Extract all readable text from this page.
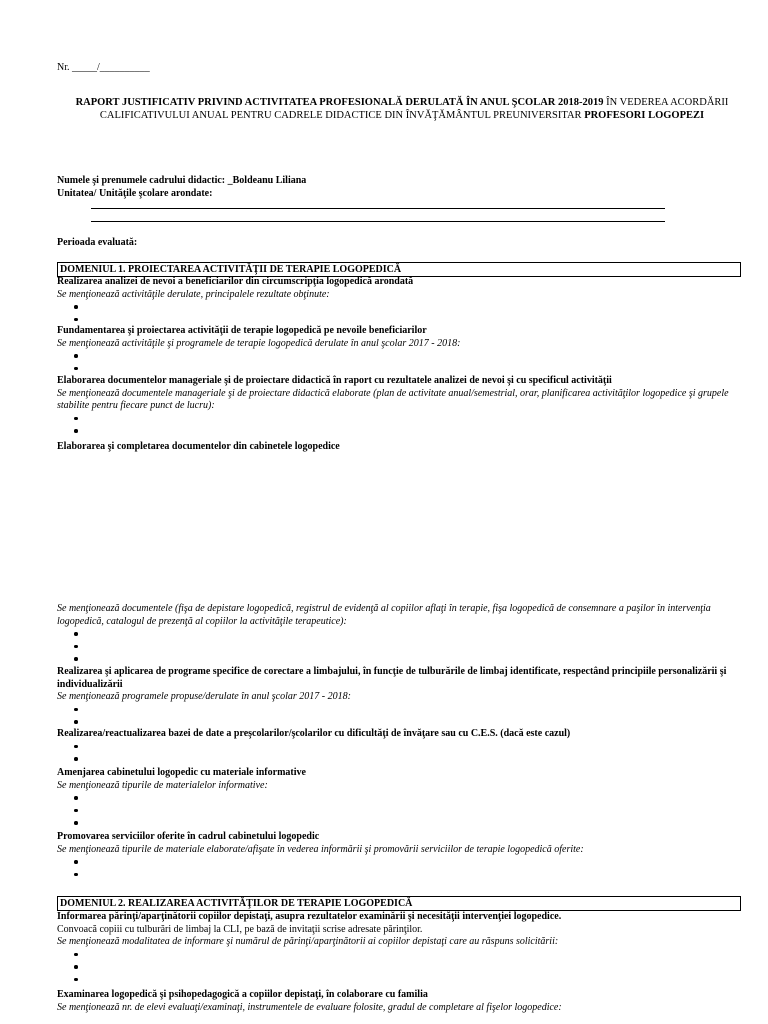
Nr. _____/__________
RAPORT JUSTIFICATIV PRIVIND ACTIVITATEA PROFESIONALĂ DERULATĂ ÎN ANUL ŞCOLAR 2018-2019 ÎN VEDEREA ACORDĂRII CALIFICATIVULUI ANUAL PENTRU CADRELE DIDACTICE DIN ÎNVĂŢĂMÂNTUL PREUNIVERSITAR PROFESORI LOGOPEZI
Numele şi prenumele cadrului didactic: _Boldeanu Liliana
Unitatea/ Unităţile şcolare arondate:
Perioada evaluată:
DOMENIUL 1. PROIECTAREA ACTIVITĂŢII DE TERAPIE LOGOPEDICĂ
Realizarea analizei de nevoi a beneficiarilor din circumscripţia logopedică arondată
Se menţionează activităţile derulate, principalele rezultate obţinute:
Fundamentarea şi proiectarea activităţii de terapie logopedică pe nevoile beneficiarilor
Se menţionează activităţile şi programele de terapie logopedică derulate în anul şcolar 2017 - 2018:
Elaborarea documentelor manageriale şi de proiectare didactică în raport cu rezultatele analizei de nevoi şi cu specificul activităţii
Se menţionează documentele manageriale şi de proiectare didactică elaborate (plan de activitate anual/semestrial, orar, planificarea activităţilor logopedice şi grupele stabilite pentru fiecare punct de lucru):
Elaborarea şi completarea documentelor din cabinetele logopedice
Se menţionează documentele (fişa de depistare logopedică, registrul de evidenţă al copiilor aflaţi în terapie, fişa logopedică de consemnare a paşilor în intervenţia logopedică, catalogul de prezenţă al copiilor la activităţile terapeutice):
Realizarea şi aplicarea de programe specifice de corectare a limbajului, în funcţie de tulburările de limbaj identificate, respectând principiile personalizării şi individualizării
Se menţionează programele propuse/derulate în anul şcolar 2017 - 2018:
Realizarea/reactualizarea bazei de date a preşcolarilor/şcolarilor cu dificultăţi de învăţare sau cu C.E.S. (dacă este cazul)
Amenjarea cabinetului logopedic cu materiale informative
Se menţionează tipurile de materialelor informative:
Promovarea serviciilor oferite în cadrul cabinetului logopedic
Se menţionează tipurile de materiale elaborate/afişate în vederea informării şi promovării serviciilor de terapie logopedică oferite:
DOMENIUL 2. REALIZAREA ACTIVITĂŢILOR DE TERAPIE LOGOPEDICĂ
Informarea părinţi/aparţinătorii copiilor depistaţi, asupra rezultatelor examinării şi necesităţii intervenţiei logopedice.
Convoacă copiii cu tulburări de limbaj la CLI, pe bază de invitaţii scrise adresate părinţilor.
Se menţionează modalitatea de informare şi numărul de părinţi/aparţinătorii ai copiilor depistaţi care au răspuns solicitării:
Examinarea logopedică şi psihopedagogică a copiilor depistaţi, în colaborare cu familia
Se menţionează nr. de elevi evaluaţi/examinaţi, instrumentele de evaluare folosite, gradul de completare al fişelor logopedice:
